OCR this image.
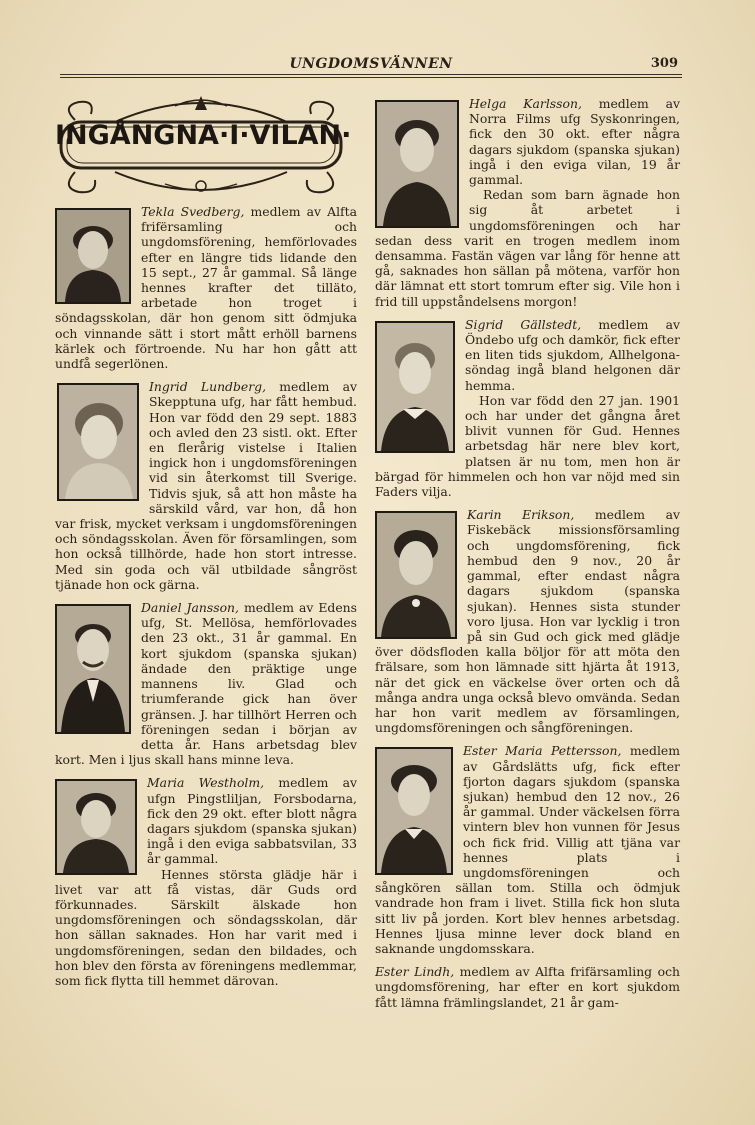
UNGDOMSVÄNNEN	309
INGÅNGNA·I·VILAN·

Tekla Svedberg, medlem av Alfta frifërsamling och ungdomsförening, hemförlovades efter en längre tids lidande den 15 sept., 27 år gammal. Så länge hennes krafter det tilläto, arbetade hon troget i söndagsskolan, där hon genom sitt ödmjuka och vinnande sätt i stort mått erhöll barnens kärlek och förtroende. Nu har hon gått att undfå segerlönen.

Ingrid Lundberg, medlem av Skepptuna ufg, har fått hembud. Hon var född den 29 sept. 1883 och avled den 23 sistl. okt. Efter en flerårig vistelse i Italien ingick hon i ungdomsföreningen vid sin återkomst till Sverige. Tidvis sjuk, så att hon måste ha särskild vård, var hon, då hon var frisk, mycket verksam i ungdomsföreningen och söndagsskolan. Även för församlingen, som hon också tillhörde, hade hon stort intresse. Med sin goda och väl utbildade sångröst tjänade hon ock gärna.

Daniel Jansson, medlem av Edens ufg, St. Mellösa, hemförlovades den 23 okt., 31 år gammal. En kort sjukdom (spanska sjukan) ändade den präktige unge mannens liv. Glad och triumferande gick han över gränsen. J. har tillhört Herren och föreningen sedan i början av detta år. Hans arbetsdag blev kort. Men i ljus skall hans minne leva.

Maria Westholm, medlem av ufgn Pingstliljan, Forsbodarna, fick den 29 okt. efter blott några dagars sjukdom (spanska sjukan) ingå i den eviga sabbatsvilan, 33 år gammal.

Hennes största glädje här i livet var att få vistas, där Guds ord förkunnades. Särskilt älskade hon ungdomsföreningen och söndagsskolan, där hon sällan saknades. Hon har varit med i ungdomsföreningen, sedan den bildades, och hon blev den första av föreningens medlemmar, som fick flytta till hemmet därovan.

Helga Karlsson, medlem av Norra Films ufg Syskonringen, fick den 30 okt. efter några dagars sjukdom (spanska sjukan) ingå i den eviga vilan, 19 år gammal.

Redan som barn ägnade hon sig åt arbetet i ungdomsföreningen och har sedan dess varit en trogen medlem inom densamma. Fastän vägen var lång för henne att gå, saknades hon sällan på mötena, varför hon där lämnat ett stort tomrum efter sig. Vile hon i frid till uppståndelsens morgon!

Sigrid Gällstedt, medlem av Öndebo ufg och damkör, fick efter en liten tids sjukdom, Allhelgona-söndag ingå bland helgonen där hemma.

Hon var född den 27 jan. 1901 och har under det gångna året blivit vunnen för Gud. Hennes arbetsdag här nere blev kort, platsen är nu tom, men hon är bärgad för himmelen och hon var nöjd med sin Faders vilja.

Karin Erikson, medlem av Fiskebäck missionsförsamling och ungdomsförening, fick hembud den 9 nov., 20 år gammal, efter endast några dagars sjukdom (spanska sjukan). Hennes sista stunder voro ljusa. Hon var lycklig i tron på sin Gud och gick med glädje över dödsfloden kalla böljor för att möta den frälsare, som hon lämnade sitt hjärta åt 1913, när det gick en väckelse över orten och då många andra unga också blevo omvända. Sedan har hon varit medlem av församlingen, ungdomsföreningen och sångföreningen.

Ester Maria Pettersson, medlem av Gårdslätts ufg, fick efter fjorton dagars sjukdom (spanska sjukan) hembud den 12 nov., 26 år gammal. Under väckelsen förra vintern blev hon vunnen för Jesus och fick frid. Villig att tjäna var hennes plats i ungdomsföreningen och sångkören sällan tom. Stilla och ödmjuk vandrade hon fram i livet. Stilla fick hon sluta sitt liv på jorden. Kort blev hennes arbetsdag. Hennes ljusa minne lever dock bland en saknande ungdomsskara.

Ester Lindh, medlem av Alfta frifärsamling och ungdomsförening, har efter en kort sjukdom fått lämna främlingslandet, 21 år gam-
